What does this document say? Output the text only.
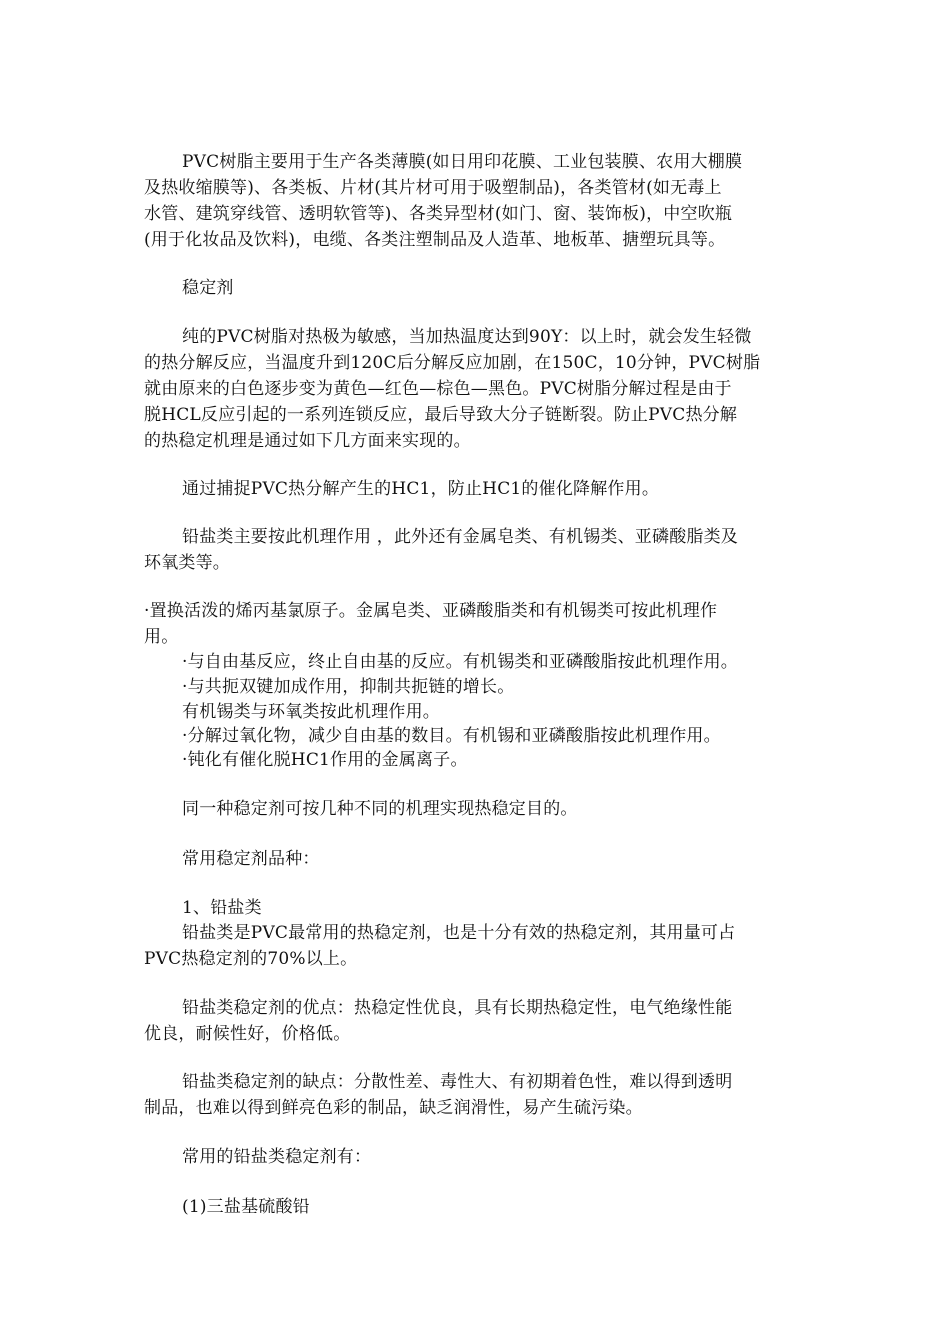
PVC树脂主要用于生产各类薄膜(如日用印花膜、工业包装膜、农用大棚膜
及热收缩膜等)、各类板、片材(其片材可用于吸塑制品)，各类管材(如无毒上
水管、建筑穿线管、透明软管等)、各类异型材(如门、窗、装饰板)，中空吹瓶
(用于化妆品及饮料)，电缆、各类注塑制品及人造革、地板革、搪塑玩具等。
稳定剂
纯的PVC树脂对热极为敏感，当加热温度达到90Y：以上时，就会发生轻微
的热分解反应，当温度升到120C后分解反应加剧，在150C，10分钟，PVC树脂
就由原来的白色逐步变为黄色—红色—棕色—黑色。PVC树脂分解过程是由于
脱HCL反应引起的一系列连锁反应，最后导致大分子链断裂。防止PVC热分解
的热稳定机理是通过如下几方面来实现的。
通过捕捉PVC热分解产生的HC1，防止HC1的催化降解作用。
铅盐类主要按此机理作用 ，此外还有金属皂类、有机锡类、亚磷酸脂类及
环氧类等。
·置换活泼的烯丙基氯原子。金属皂类、亚磷酸脂类和有机锡类可按此机理作
用。
·与自由基反应，终止自由基的反应。有机锡类和亚磷酸脂按此机理作用。
·与共扼双键加成作用，抑制共扼链的增长。
有机锡类与环氧类按此机理作用。
·分解过氧化物，减少自由基的数目。有机锡和亚磷酸脂按此机理作用。
·钝化有催化脱HC1作用的金属离子。
同一种稳定剂可按几种不同的机理实现热稳定目的。
常用稳定剂品种：
1、铅盐类
铅盐类是PVC最常用的热稳定剂，也是十分有效的热稳定剂，其用量可占
PVC热稳定剂的70%以上。
铅盐类稳定剂的优点：热稳定性优良，具有长期热稳定性，电气绝缘性能
优良，耐候性好，价格低。
铅盐类稳定剂的缺点：分散性差、毒性大、有初期着色性，难以得到透明
制品，也难以得到鲜亮色彩的制品，缺乏润滑性，易产生硫污染。
常用的铅盐类稳定剂有：
(1)三盐基硫酸铅
